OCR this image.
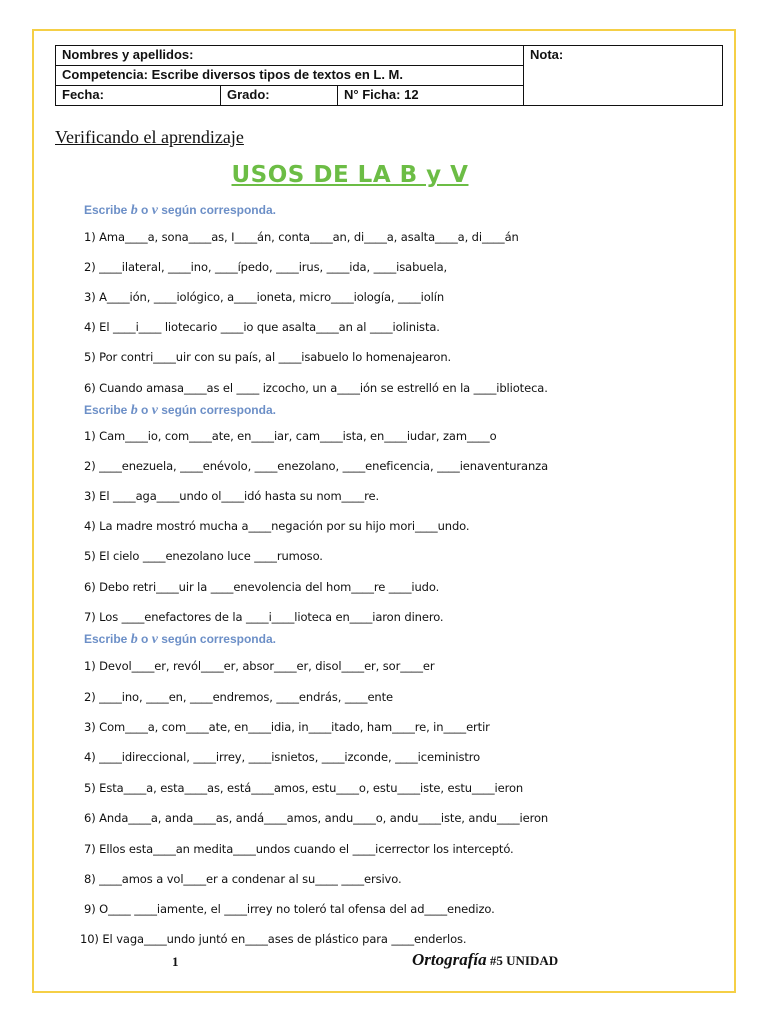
Nombres y apellidos:			Nota:
Competencia: Escribe diversos tipos de textos en L. M.			
Fecha:	Grado:	N° Ficha: 12	
Verificando el aprendizaje
USOS DE LA B y V
Escribe b o v según corresponda.
1) Ama____a, sona____as, I____án, conta____an, di____a, asalta____a, di____án
2) ____ilateral, ____ino, ____ípedo, ____irus, ____ida, ____isabuela,
3) A____ión, ____iológico, a____ioneta, micro____iología, ____iolín
4) El ____i____ liotecario ____io que asalta____an al ____iolinista.
5) Por contri____uir con su país, al ____isabuelo lo homenajearon.
6) Cuando amasa____as el ____ izcocho, un a____ión se estrelló en la ____iblioteca.
Escribe b o v según corresponda.
1) Cam____io, com____ate, en____iar, cam____ista, en____iudar, zam____o
2) ____enezuela, ____enévolo, ____enezolano, ____eneficencia, ____ienaventuranza
3) El ____aga____undo ol____idó hasta su nom____re.
4) La madre mostró mucha a____negación por su hijo mori____undo.
5) El cielo ____enezolano luce ____rumoso.
6) Debo retri____uir la ____enevolencia del hom____re ____iudo.
7) Los ____enefactores de la ____i____lioteca en____iaron dinero.
Escribe b o v según corresponda.
1) Devol____er, revól____er, absor____er, disol____er, sor____er
2) ____ino, ____en, ____endremos, ____endrás, ____ente
3) Com____a, com____ate, en____idia, in____itado, ham____re, in____ertir
4) ____idireccional, ____irrey, ____isnietos, ____izconde, ____iceministro
5) Esta____a, esta____as, está____amos, estu____o, estu____iste, estu____ieron
6) Anda____a, anda____as, andá____amos, andu____o, andu____iste, andu____ieron
7) Ellos esta____an medita____undos cuando el ____icerrector los interceptó.
8) ____amos a vol____er a condenar al su____ ____ersivo.
9) O____ ____iamente, el ____irrey no toleró tal ofensa del ad____enedizo.
10) El vaga____undo juntó en____ases de plástico para ____enderlos.
1	Ortografía #5 UNIDAD
